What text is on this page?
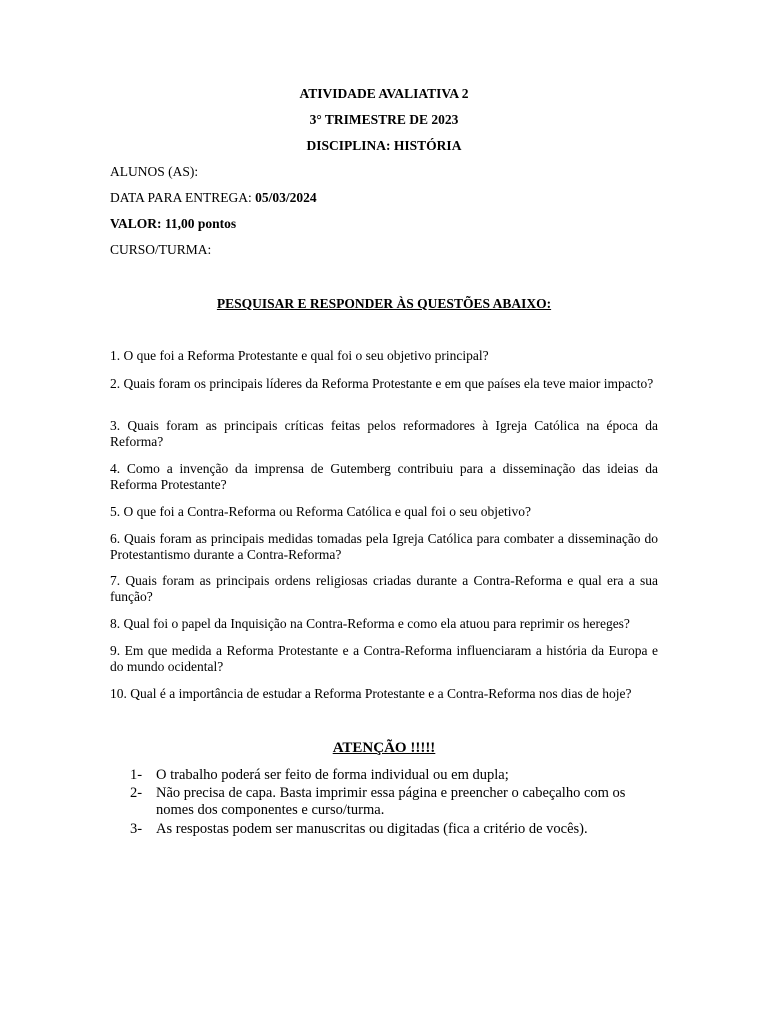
ATIVIDADE AVALIATIVA 2
3° TRIMESTRE DE 2023
DISCIPLINA: HISTÓRIA
ALUNOS (AS):
DATA PARA ENTREGA: 05/03/2024
VALOR: 11,00 pontos
CURSO/TURMA:
PESQUISAR E RESPONDER ÀS QUESTÕES ABAIXO:
1. O que foi a Reforma Protestante e qual foi o seu objetivo principal?
2. Quais foram os principais líderes da Reforma Protestante e em que países ela teve maior impacto?
3. Quais foram as principais críticas feitas pelos reformadores à Igreja Católica na época da Reforma?
4. Como a invenção da imprensa de Gutemberg contribuiu para a disseminação das ideias da Reforma Protestante?
5. O que foi a Contra-Reforma ou Reforma Católica e qual foi o seu objetivo?
6. Quais foram as principais medidas tomadas pela Igreja Católica para combater a disseminação do Protestantismo durante a Contra-Reforma?
7. Quais foram as principais ordens religiosas criadas durante a Contra-Reforma e qual era a sua função?
8. Qual foi o papel da Inquisição na Contra-Reforma e como ela atuou para reprimir os hereges?
9. Em que medida a Reforma Protestante e a Contra-Reforma influenciaram a história da Europa e do mundo ocidental?
10. Qual é a importância de estudar a Reforma Protestante e a Contra-Reforma nos dias de hoje?
ATENÇÃO !!!!!
1- O trabalho poderá ser feito de forma individual ou em dupla;
2- Não precisa de capa. Basta imprimir essa página e preencher o cabeçalho com os nomes dos componentes e curso/turma.
3- As respostas podem ser manuscritas ou digitadas (fica a critério de vocês).
